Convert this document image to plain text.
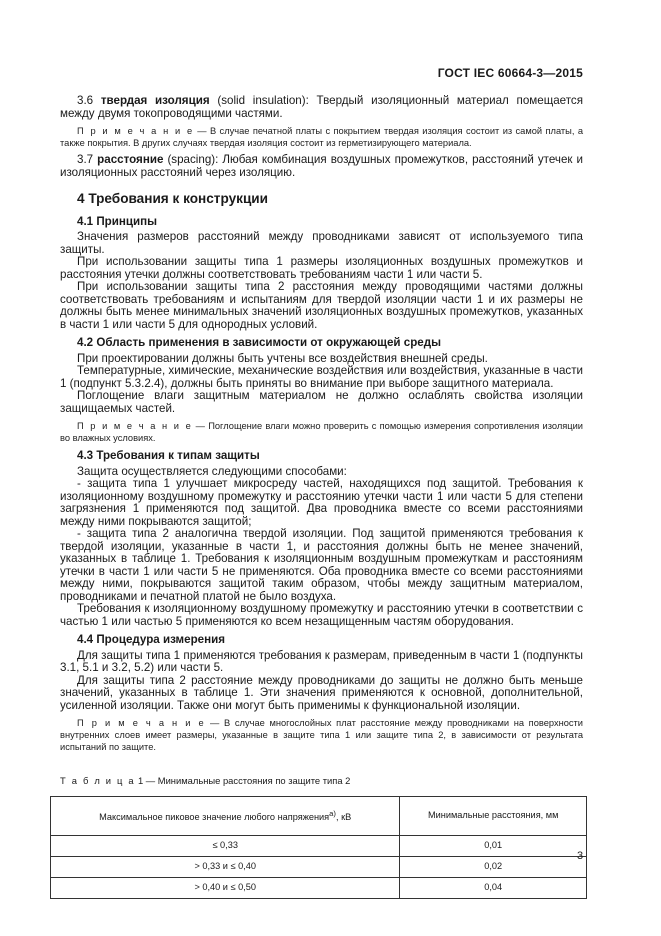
ГОСТ IEC 60664-3—2015

3.6 твердая изоляция (solid insulation): Твердый изоляционный материал помещается между двумя токопроводящими частями.

П р и м е ч а н и е — В случае печатной платы с покрытием твердая изоляция состоит из самой платы, а также покрытия. В других случаях твердая изоляция состоит из герметизирующего материала.

3.7 расстояние (spacing): Любая комбинация воздушных промежутков, расстояний утечек и изоляционных расстояний через изоляцию.

4 Требования к конструкции
4.1 Принципы

Значения размеров расстояний между проводниками зависят от используемого типа защиты.

При использовании защиты типа 1 размеры изоляционных воздушных промежутков и расстояния утечки должны соответствовать требованиям части 1 или части 5.

При использовании защиты типа 2 расстояния между проводящими частями должны соответствовать требованиям и испытаниям для твердой изоляции части 1 и их размеры не должны быть менее минимальных значений изоляционных воздушных промежутков, указанных в части 1 или части 5 для однородных условий.

4.2 Область применения в зависимости от окружающей среды

При проектировании должны быть учтены все воздействия внешней среды.

Температурные, химические, механические воздействия или воздействия, указанные в части 1 (подпункт 5.3.2.4), должны быть приняты во внимание при выборе защитного материала.

Поглощение влаги защитным материалом не должно ослаблять свойства изоляции защищаемых частей.

П р и м е ч а н и е — Поглощение влаги можно проверить с помощью измерения сопротивления изоляции во влажных условиях.

4.3 Требования к типам защиты

Защита осуществляется следующими способами:

- защита типа 1 улучшает микросреду частей, находящихся под защитой. Требования к изоляционному воздушному промежутку и расстоянию утечки части 1 или части 5 для степени загрязнения 1 применяются под защитой. Два проводника вместе со всеми расстояниями между ними покрываются защитой;

- защита типа 2 аналогична твердой изоляции. Под защитой применяются требования к твердой изоляции, указанные в части 1, и расстояния должны быть не менее значений, указанных в таблице 1. Требования к изоляционным воздушным промежуткам и расстояниям утечки в части 1 или части 5 не применяются. Оба проводника вместе со всеми расстояниями между ними, покрываются защитой таким образом, чтобы между защитным материалом, проводниками и печатной платой не было воздуха.

Требования к изоляционному воздушному промежутку и расстоянию утечки в соответствии с частью 1 или частью 5 применяются ко всем незащищенным частям оборудования.

4.4 Процедура измерения

Для защиты типа 1 применяются требования к размерам, приведенным в части 1 (подпункты 3.1, 5.1 и 3.2, 5.2) или части 5.

Для защиты типа 2 расстояние между проводниками до защиты не должно быть меньше значений, указанных в таблице 1. Эти значения применяются к основной, дополнительной, усиленной изоляции. Также они могут быть применимы к функциональной изоляции.

П р и м е ч а н и е — В случае многослойных плат расстояние между проводниками на поверхности внутренних слоев имеет размеры, указанные в защите типа 1 или защите типа 2, в зависимости от результата испытаний по защите.

Т а б л и ц а 1 — Минимальные расстояния по защите типа 2
Максимальное пиковое значение любого напряжения$^{a)}$, кВ	Минимальные расстояния, мм
≤ 0,33	0,01
> 0,33 и ≤ 0,40	0,02
> 0,40 и ≤ 0,50	0,04
3
